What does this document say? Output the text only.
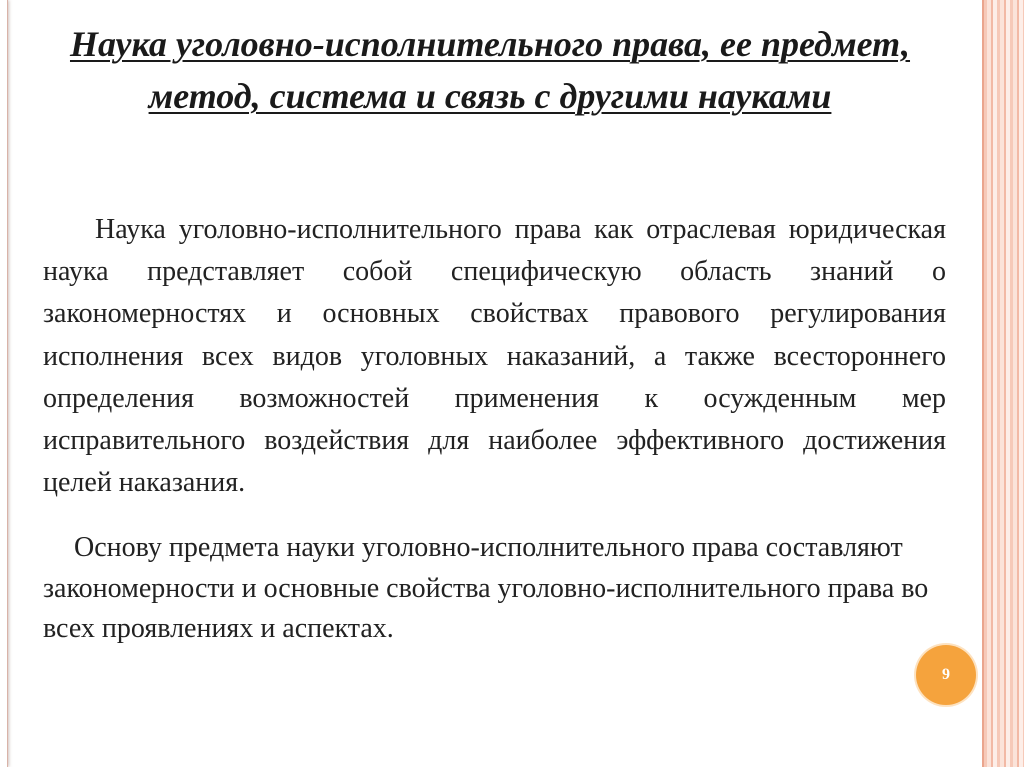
Наука уголовно-исполнительного права, ее предмет, метод, система и связь с другими науками
Наука уголовно-исполнительного права как отраслевая юридическая наука представляет собой специфическую область знаний о закономерностях и основных свойствах правового регулирования исполнения всех видов уголовных наказаний, а также всестороннего определения возможностей применения к осужденным мер исправительного воздействия для наиболее эффективного достижения целей наказания.
Основу предмета науки уголовно-исполнительного права составляют закономерности и основные свойства уголовно-исполнительного права во всех проявлениях и аспектах.
9
